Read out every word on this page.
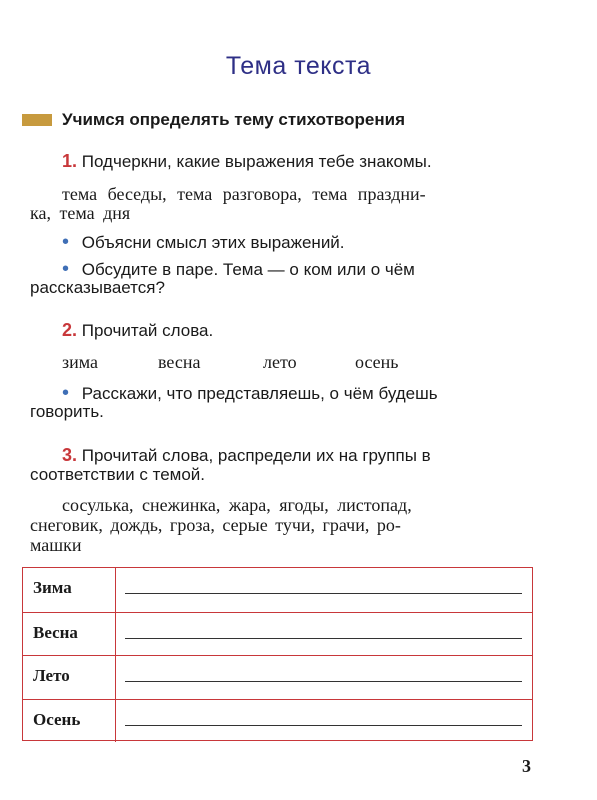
Тема текста
Учимся определять тему стихотворения
1. Подчеркни, какие выражения тебе знакомы.
тема беседы, тема разговора, тема праздни-
ка, тема дня
• Объясни смысл этих выражений.
• Обсудите в паре. Тема — о ком или о чём
рассказывается?
2. Прочитай слова.
зима	весна	лето	осень
• Расскажи, что представляешь, о чём будешь
говорить.
3. Прочитай слова, распредели их на группы в
соответствии с темой.
сосулька, снежинка, жара, ягоды, листопад,
снеговик, дождь, гроза, серые тучи, грачи, ро-
машки
Зима
Весна
Лето
Осень
3
